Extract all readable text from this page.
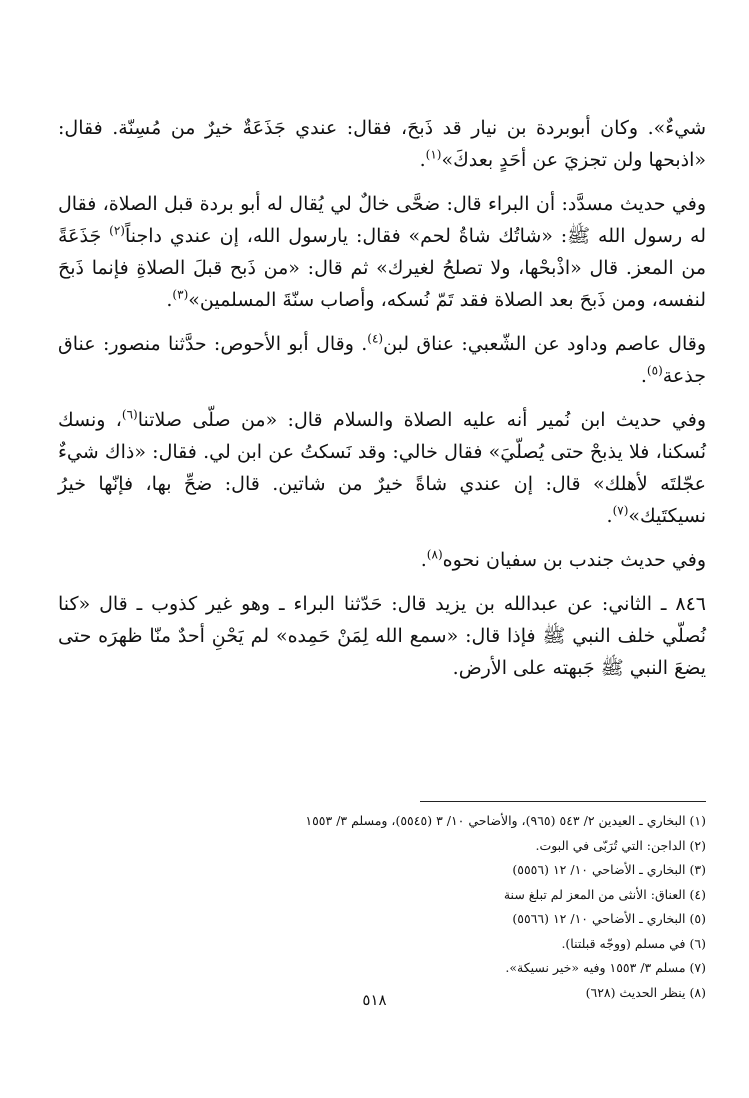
شيءٌ». وكان أبوبردة بن نيار قد ذَبحَ، فقال: عندي جَذَعَةٌ خيرٌ من مُسِنّة. فقال: «اذبحها ولن تجزيَ عن أحَدٍ بعدكَ»$^{(١)}$.

وفي حديث مسدَّد: أن البراء قال: ضحَّى خالٌ لي يُقال له أبو بردة قبل الصلاة، فقال له رسول الله ﷺ: «شاتُك شاةُ لحم» فقال: يارسول الله، إن عندي داجناً$^{(٢)}$ جَذَعَةً من المعز. قال «اذْبحْها، ولا تصلحُ لغيرك» ثم قال: «من ذَبح قبلَ الصلاةِ فإنما ذَبحَ لنفسه، ومن ذَبحَ بعد الصلاة فقد تَمّ نُسكه، وأصاب سنّةَ المسلمين»$^{(٣)}$.

وقال عاصم وداود عن الشّعبي: عناق لبن$^{(٤)}$. وقال أبو الأحوص: حدَّثنا منصور: عناق جذعة$^{(٥)}$.

وفي حديث ابن نُمير أنه عليه الصلاة والسلام قال: «من صلّى صلاتنا$^{(٦)}$، ونسك نُسكنا، فلا يذبحْ حتى يُصلّيَ» فقال خالي: وقد نَسكتُ عن ابن لي. فقال: «ذاك شيءٌ عجّلتَه لأهلك» قال: إن عندي شاةً خيرٌ من شاتين. قال: ضحِّ بها، فإنّها خيرُ نسيكتَيك»$^{(٧)}$.

وفي حديث جندب بن سفيان نحوه$^{(٨)}$.

٨٤٦ ـ الثاني: عن عبدالله بن يزيد قال: حَدّثنا البراء ـ وهو غير كذوب ـ قال «كنا نُصلّي خلف النبي ﷺ فإذا قال: «سمع الله لِمَنْ حَمِده» لم يَحْنِ أحدٌ منّا ظهرَه حتى يضعَ النبي ﷺ جَبهته على الأرض.

(١) البخاري ـ العيدين ٢/ ٥٤٣ (٩٦٥)، والأضاحي ١٠/ ٣ (٥٥٤٥)، ومسلم ٣/ ١٥٥٣
(٢) الداجن: التي تُرَبّى في البوت.
(٣) البخاري ـ الأضاحي ١٠/ ١٢ (٥٥٥٦)
(٤) العناق: الأنثى من المعز لم تبلغ سنة
(٥) البخاري ـ الأضاحي ١٠/ ١٢ (٥٥٦٦)
(٦) في مسلم (ووجّه قبلتنا).
(٧) مسلم ٣/ ١٥٥٣ وفيه «خير نسيكة».
(٨) ينظر الحديث (٦٢٨)
٥١٨
